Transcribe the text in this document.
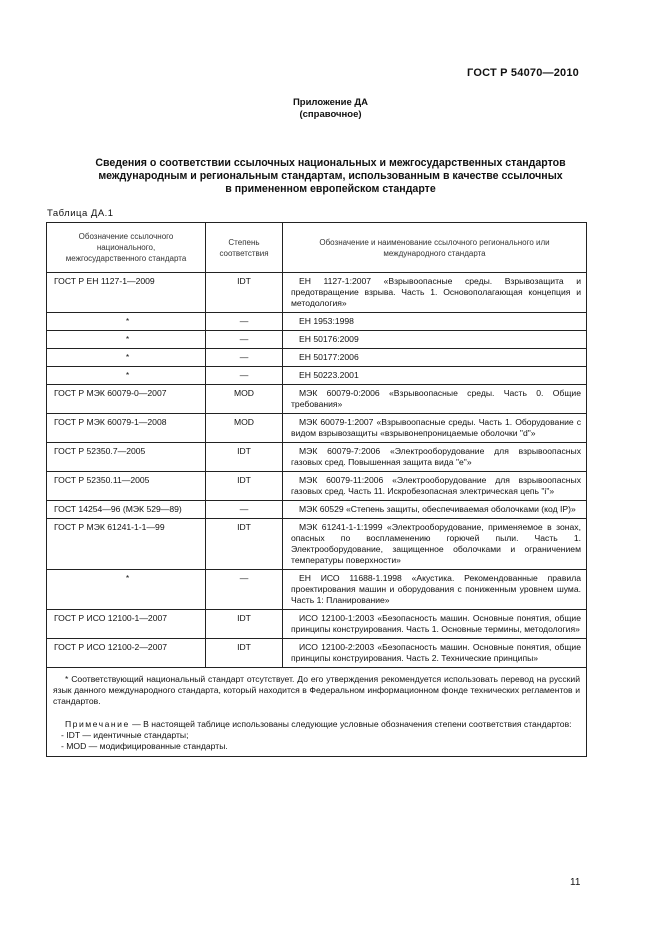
ГОСТ Р 54070—2010
Приложение ДА
(справочное)
Сведения о соответствии ссылочных национальных и межгосударственных стандартов
международным и региональным стандартам, использованным в качестве ссылочных
в примененном европейском стандарте
Таблица ДА.1
Обозначение ссылочного национального, межгосударственного стандарта	Степень соответствия	Обозначение и наименование ссылочного регионального или международного стандарта
ГОСТ Р ЕН 1127-1—2009	IDT	ЕН 1127-1:2007 «Взрывоопасные среды. Взрывозащита и предотвращение взрыва. Часть 1. Основополагающая концепция и методология»

*	—	ЕН 1953:1998

*	—	ЕН 50176:2009

*	—	ЕН 50177:2006

*	—	ЕН 50223.2001

ГОСТ Р МЭК 60079-0—2007	MOD	МЭК 60079-0:2006 «Взрывоопасные среды. Часть 0. Общие требования»

ГОСТ Р МЭК 60079-1—2008	MOD	МЭК 60079-1:2007 «Взрывоопасные среды. Часть 1. Оборудование с видом взрывозащиты «взрывонепроницаемые оболочки "d"»

ГОСТ Р 52350.7—2005	IDT	МЭК 60079-7:2006 «Электрооборудование для взрывоопасных газовых сред. Повышенная защита вида "е"»

ГОСТ Р 52350.11—2005	IDT	МЭК 60079-11:2006 «Электрооборудование для взрывоопасных газовых сред. Часть 11. Искробезопасная электрическая цепь "i"»

ГОСТ 14254—96 (МЭК 529—89)	—	МЭК 60529 «Степень защиты, обеспечиваемая оболочками (код IP)»

ГОСТ Р МЭК 61241-1-1—99	IDT	МЭК 61241-1-1:1999 «Электрооборудование, применяемое в зонах, опасных по воспламенению горючей пыли. Часть 1. Электрооборудование, защищенное оболочками и ограничением температуры поверхности»

*	—	ЕН ИСО 11688-1.1998 «Акустика. Рекомендованные правила проектирования машин и оборудования с пониженным уровнем шума. Часть 1: Планирование»

ГОСТ Р ИСО 12100-1—2007	IDT	ИСО 12100-1:2003 «Безопасность машин. Основные понятия, общие принципы конструирования. Часть 1. Основные термины, методология»

ГОСТ Р ИСО 12100-2—2007	IDT	ИСО 12100-2:2003 «Безопасность машин. Основные понятия, общие принципы конструирования. Часть 2. Технические принципы»

* Соответствующий национальный стандарт отсутствует. До его утверждения рекомендуется использовать перевод на русский язык данного международного стандарта, который находится в Федеральном информационном фонде технических регламентов и стандартов.

Примечание — В настоящей таблице использованы следующие условные обозначения степени соответствия стандартов:

- IDT — идентичные стандарты;

- MOD — модифицированные стандарты.		

11
